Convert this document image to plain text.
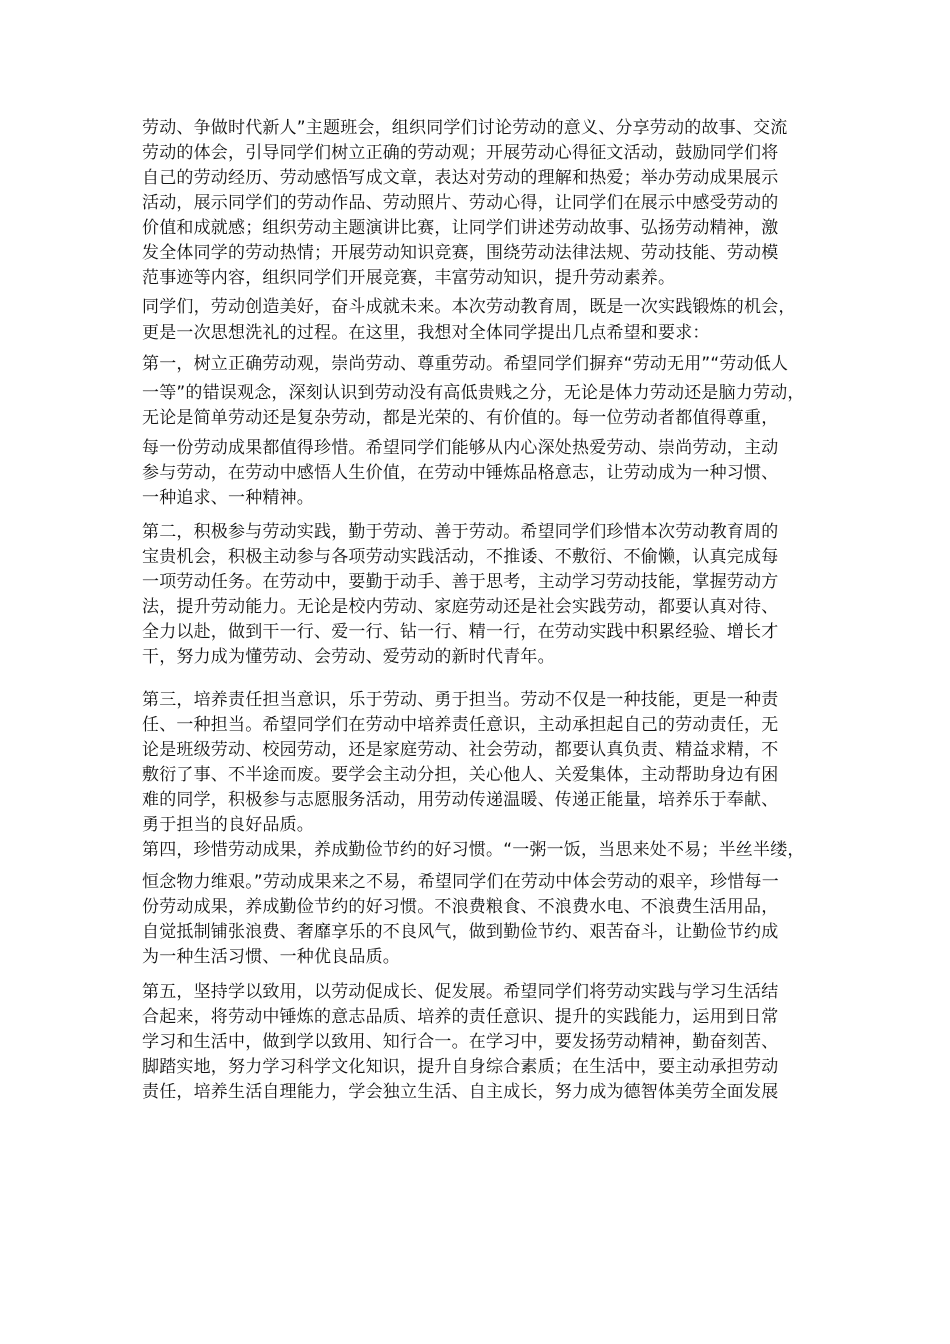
劳动、争做时代新人”主题班会，组织同学们讨论劳动的意义、分享劳动的故事、交流
劳动的体会，引导同学们树立正确的劳动观；开展劳动心得征文活动，鼓励同学们将
自己的劳动经历、劳动感悟写成文章，表达对劳动的理解和热爱；举办劳动成果展示
活动，展示同学们的劳动作品、劳动照片、劳动心得，让同学们在展示中感受劳动的
价值和成就感；组织劳动主题演讲比赛，让同学们讲述劳动故事、弘扬劳动精神，激
发全体同学的劳动热情；开展劳动知识竞赛，围绕劳动法律法规、劳动技能、劳动模
范事迹等内容，组织同学们开展竞赛，丰富劳动知识，提升劳动素养。
同学们，劳动创造美好，奋斗成就未来。本次劳动教育周，既是一次实践锻炼的机会，
更是一次思想洗礼的过程。在这里，我想对全体同学提出几点希望和要求：
第一，树立正确劳动观，崇尚劳动、尊重劳动。希望同学们摒弃“劳动无用”“劳动低人
一等”的错误观念，深刻认识到劳动没有高低贵贱之分，无论是体力劳动还是脑力劳动，
无论是简单劳动还是复杂劳动，都是光荣的、有价值的。每一位劳动者都值得尊重，
每一份劳动成果都值得珍惜。希望同学们能够从内心深处热爱劳动、崇尚劳动，主动
参与劳动，在劳动中感悟人生价值，在劳动中锤炼品格意志，让劳动成为一种习惯、
一种追求、一种精神。
第二，积极参与劳动实践，勤于劳动、善于劳动。希望同学们珍惜本次劳动教育周的
宝贵机会，积极主动参与各项劳动实践活动，不推诿、不敷衍、不偷懒，认真完成每
一项劳动任务。在劳动中，要勤于动手、善于思考，主动学习劳动技能，掌握劳动方
法，提升劳动能力。无论是校内劳动、家庭劳动还是社会实践劳动，都要认真对待、
全力以赴，做到干一行、爱一行、钻一行、精一行，在劳动实践中积累经验、增长才
干，努力成为懂劳动、会劳动、爱劳动的新时代青年。
第三，培养责任担当意识，乐于劳动、勇于担当。劳动不仅是一种技能，更是一种责
任、一种担当。希望同学们在劳动中培养责任意识，主动承担起自己的劳动责任，无
论是班级劳动、校园劳动，还是家庭劳动、社会劳动，都要认真负责、精益求精，不
敷衍了事、不半途而废。要学会主动分担，关心他人、关爱集体，主动帮助身边有困
难的同学，积极参与志愿服务活动，用劳动传递温暖、传递正能量，培养乐于奉献、
勇于担当的良好品质。
第四，珍惜劳动成果，养成勤俭节约的好习惯。“一粥一饭，当思来处不易；半丝半缕，
恒念物力维艰。”劳动成果来之不易，希望同学们在劳动中体会劳动的艰辛，珍惜每一
份劳动成果，养成勤俭节约的好习惯。不浪费粮食、不浪费水电、不浪费生活用品，
自觉抵制铺张浪费、奢靡享乐的不良风气，做到勤俭节约、艰苦奋斗，让勤俭节约成
为一种生活习惯、一种优良品质。
第五，坚持学以致用，以劳动促成长、促发展。希望同学们将劳动实践与学习生活结
合起来，将劳动中锤炼的意志品质、培养的责任意识、提升的实践能力，运用到日常
学习和生活中，做到学以致用、知行合一。在学习中，要发扬劳动精神，勤奋刻苦、
脚踏实地，努力学习科学文化知识，提升自身综合素质；在生活中，要主动承担劳动
责任，培养生活自理能力，学会独立生活、自主成长，努力成为德智体美劳全面发展
